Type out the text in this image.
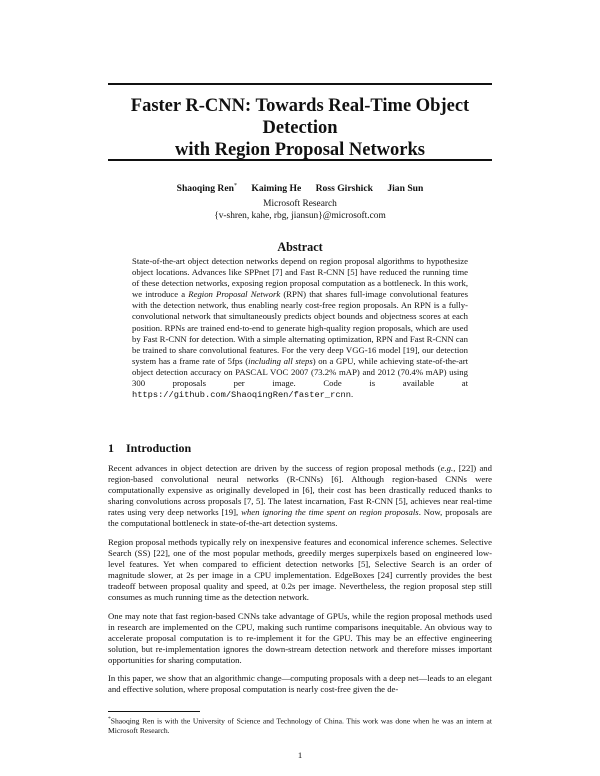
Faster R-CNN: Towards Real-Time Object Detection
with Region Proposal Networks
Shaoqing Ren* Kaiming He Ross Girshick Jian Sun
Microsoft Research
{v-shren, kahe, rbg, jiansun}@microsoft.com
Abstract
State-of-the-art object detection networks depend on region proposal algorithms to hypothesize object locations. Advances like SPPnet [7] and Fast R-CNN [5] have reduced the running time of these detection networks, exposing region proposal computation as a bottleneck. In this work, we introduce a Region Proposal Network (RPN) that shares full-image convolutional features with the detection network, thus enabling nearly cost-free region proposals. An RPN is a fully-convolutional network that simultaneously predicts object bounds and objectness scores at each position. RPNs are trained end-to-end to generate high-quality region proposals, which are used by Fast R-CNN for detection. With a simple alternating optimization, RPN and Fast R-CNN can be trained to share convolutional features. For the very deep VGG-16 model [19], our detection system has a frame rate of 5fps (including all steps) on a GPU, while achieving state-of-the-art object detection accuracy on PASCAL VOC 2007 (73.2% mAP) and 2012 (70.4% mAP) using 300 proposals per image. Code is available at https://github.com/ShaoqingRen/faster_rcnn.
1 Introduction
Recent advances in object detection are driven by the success of region proposal methods (e.g., [22]) and region-based convolutional neural networks (R-CNNs) [6]. Although region-based CNNs were computationally expensive as originally developed in [6], their cost has been drastically reduced thanks to sharing convolutions across proposals [7, 5]. The latest incarnation, Fast R-CNN [5], achieves near real-time rates using very deep networks [19], when ignoring the time spent on region proposals. Now, proposals are the computational bottleneck in state-of-the-art detection systems.
Region proposal methods typically rely on inexpensive features and economical inference schemes. Selective Search (SS) [22], one of the most popular methods, greedily merges superpixels based on engineered low-level features. Yet when compared to efficient detection networks [5], Selective Search is an order of magnitude slower, at 2s per image in a CPU implementation. EdgeBoxes [24] currently provides the best tradeoff between proposal quality and speed, at 0.2s per image. Nevertheless, the region proposal step still consumes as much running time as the detection network.
One may note that fast region-based CNNs take advantage of GPUs, while the region proposal methods used in research are implemented on the CPU, making such runtime comparisons inequitable. An obvious way to accelerate proposal computation is to re-implement it for the GPU. This may be an effective engineering solution, but re-implementation ignores the down-stream detection network and therefore misses important opportunities for sharing computation.
In this paper, we show that an algorithmic change—computing proposals with a deep net—leads to an elegant and effective solution, where proposal computation is nearly cost-free given the de-
*Shaoqing Ren is with the University of Science and Technology of China. This work was done when he was an intern at Microsoft Research.
1
